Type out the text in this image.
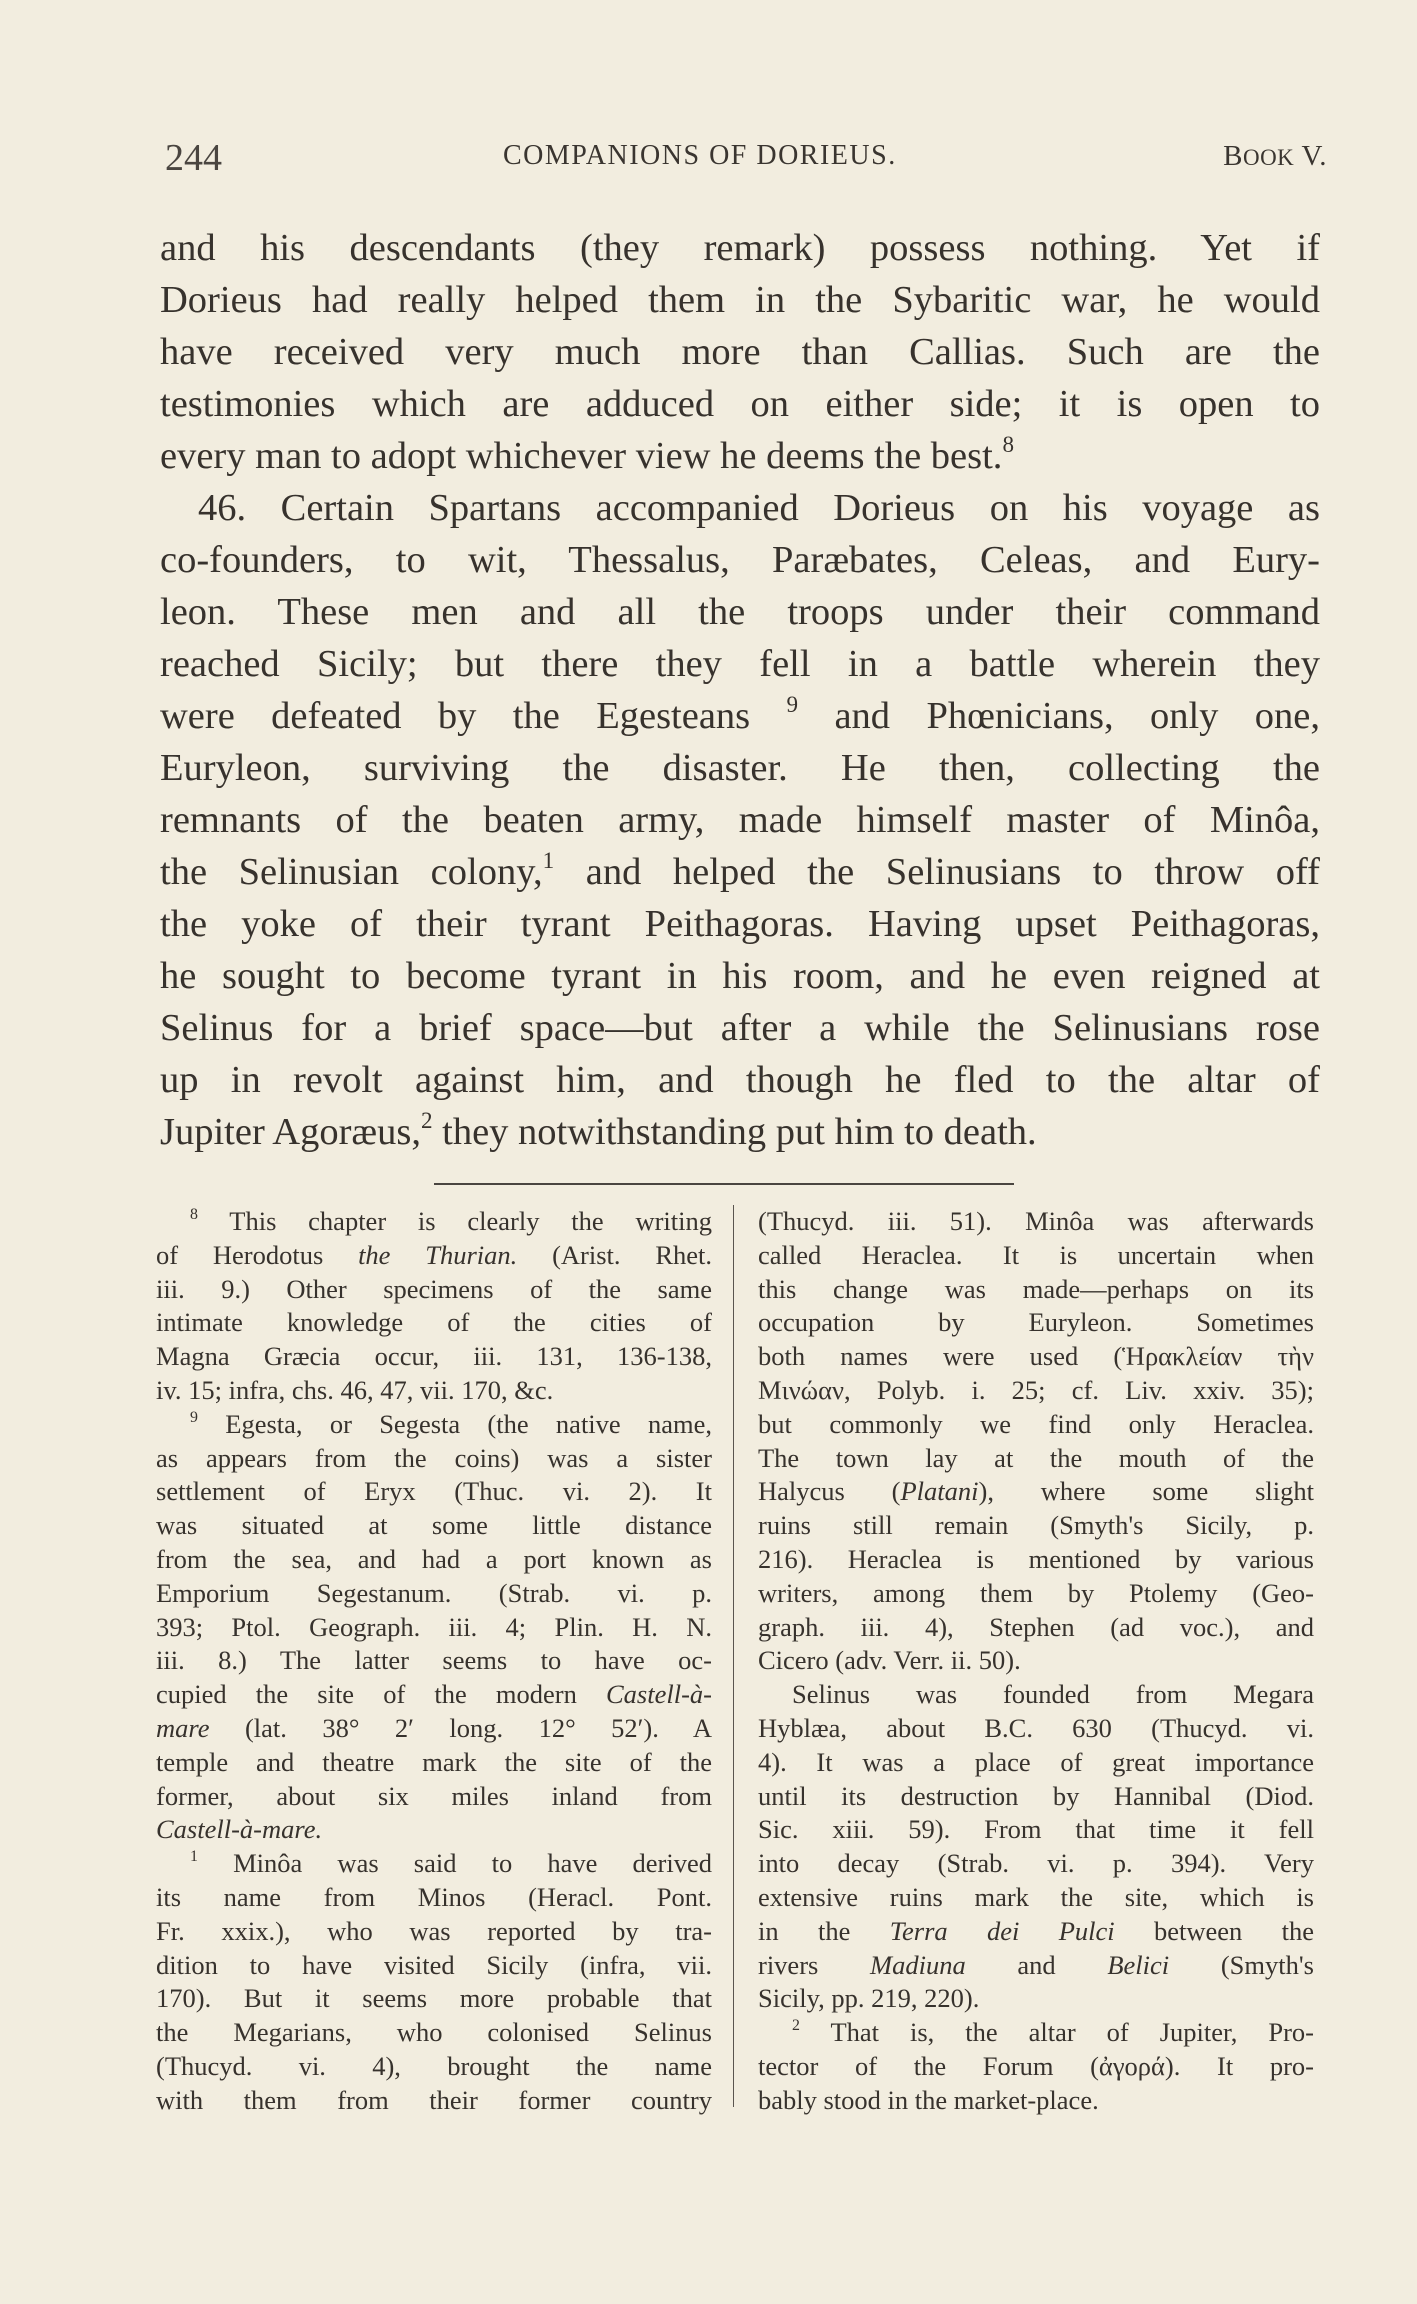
244	COMPANIONS OF DORIEUS.	BOOK V.
and his descendants (they remark) possess nothing. Yet if
Dorieus had really helped them in the Sybaritic war, he would
have received very much more than Callias. Such are the
testimonies which are adduced on either side; it is open to
every man to adopt whichever view he deems the best.$^8$
46. Certain Spartans accompanied Dorieus on his voyage as
co-founders, to wit, Thessalus, Paræbates, Celeas, and Eury-
leon. These men and all the troops under their command
reached Sicily; but there they fell in a battle wherein they
were defeated by the Egesteans $^9$ and Phœnicians, only one,
Euryleon, surviving the disaster. He then, collecting the
remnants of the beaten army, made himself master of Minôa,
the Selinusian colony,$^1$ and helped the Selinusians to throw off
the yoke of their tyrant Peithagoras. Having upset Peithagoras,
he sought to become tyrant in his room, and he even reigned at
Selinus for a brief space—but after a while the Selinusians rose
up in revolt against him, and though he fled to the altar of
Jupiter Agoræus,$^2$ they notwithstanding put him to death.
$^8$ This chapter is clearly the writing
of Herodotus the Thurian. (Arist. Rhet.
iii. 9.) Other specimens of the same
intimate knowledge of the cities of
Magna Græcia occur, iii. 131, 136-138,
iv. 15; infra, chs. 46, 47, vii. 170, &c.
$^9$ Egesta, or Segesta (the native name,
as appears from the coins) was a sister
settlement of Eryx (Thuc. vi. 2). It
was situated at some little distance
from the sea, and had a port known as
Emporium Segestanum. (Strab. vi. p.
393; Ptol. Geograph. iii. 4; Plin. H. N.
iii. 8.) The latter seems to have oc-
cupied the site of the modern Castell-à-
mare (lat. 38° 2′ long. 12° 52′). A
temple and theatre mark the site of the
former, about six miles inland from
Castell-à-mare.
$^1$ Minôa was said to have derived
its name from Minos (Heracl. Pont.
Fr. xxix.), who was reported by tra-
dition to have visited Sicily (infra, vii.
170). But it seems more probable that
the Megarians, who colonised Selinus
(Thucyd. vi. 4), brought the name
with them from their former country
(Thucyd. iii. 51). Minôa was afterwards
called Heraclea. It is uncertain when
this change was made—perhaps on its
occupation by Euryleon. Sometimes
both names were used (Ἡρακλείαν τὴν
Μινώαν, Polyb. i. 25; cf. Liv. xxiv. 35);
but commonly we find only Heraclea.
The town lay at the mouth of the
Halycus (Platani), where some slight
ruins still remain (Smyth's Sicily, p.
216). Heraclea is mentioned by various
writers, among them by Ptolemy (Geo-
graph. iii. 4), Stephen (ad voc.), and
Cicero (adv. Verr. ii. 50).
Selinus was founded from Megara
Hyblæa, about B.C. 630 (Thucyd. vi.
4). It was a place of great importance
until its destruction by Hannibal (Diod.
Sic. xiii. 59). From that time it fell
into decay (Strab. vi. p. 394). Very
extensive ruins mark the site, which is
in the Terra dei Pulci between the
rivers Madiuna and Belici (Smyth's
Sicily, pp. 219, 220).
$^2$ That is, the altar of Jupiter, Pro-
tector of the Forum (ἀγορά). It pro-
bably stood in the market-place.
